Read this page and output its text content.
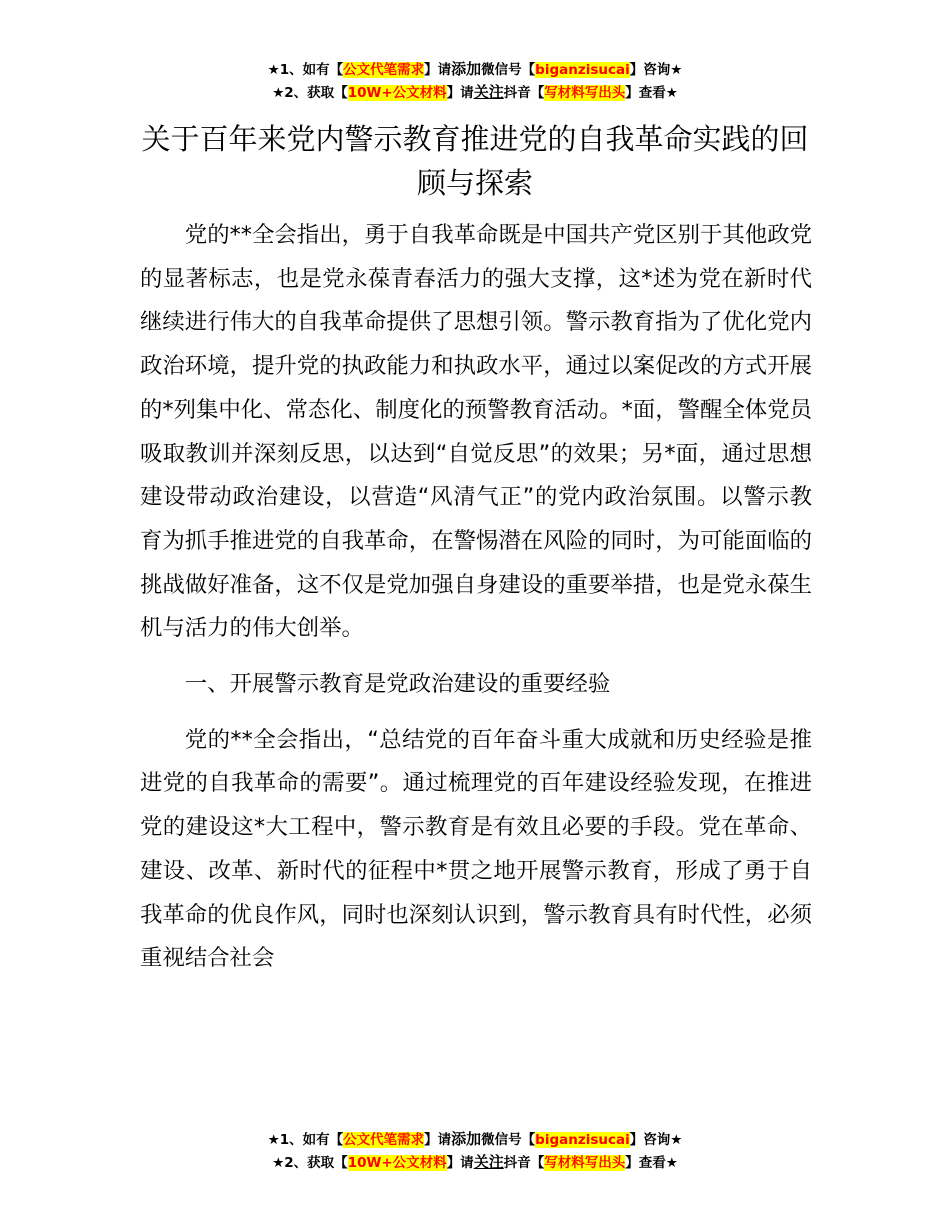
★1、如有【公文代笔需求】请添加微信号【biganzisucai】咨询★
★2、获取【10W+公文材料】请关注抖音【写材料写出头】查看★
关于百年来党内警示教育推进党的自我革命实践的回顾与探索

党的**全会指出，勇于自我革命既是中国共产党区别于其他政党的显著标志，也是党永葆青春活力的强大支撑，这*述为党在新时代继续进行伟大的自我革命提供了思想引领。警示教育指为了优化党内政治环境，提升党的执政能力和执政水平，通过以案促改的方式开展的*列集中化、常态化、制度化的预警教育活动。*面，警醒全体党员吸取教训并深刻反思，以达到“自觉反思”的效果；另*面，通过思想建设带动政治建设，以营造“风清气正”的党内政治氛围。以警示教育为抓手推进党的自我革命，在警惕潜在风险的同时，为可能面临的挑战做好准备，这不仅是党加强自身建设的重要举措，也是党永葆生机与活力的伟大创举。

一、开展警示教育是党政治建设的重要经验

党的**全会指出，“总结党的百年奋斗重大成就和历史经验是推进党的自我革命的需要”。通过梳理党的百年建设经验发现，在推进党的建设这*大工程中，警示教育是有效且必要的手段。党在革命、建设、改革、新时代的征程中*贯之地开展警示教育，形成了勇于自我革命的优良作风，同时也深刻认识到，警示教育具有时代性，必须重视结合社会

★1、如有【公文代笔需求】请添加微信号【biganzisucai】咨询★
★2、获取【10W+公文材料】请关注抖音【写材料写出头】查看★
